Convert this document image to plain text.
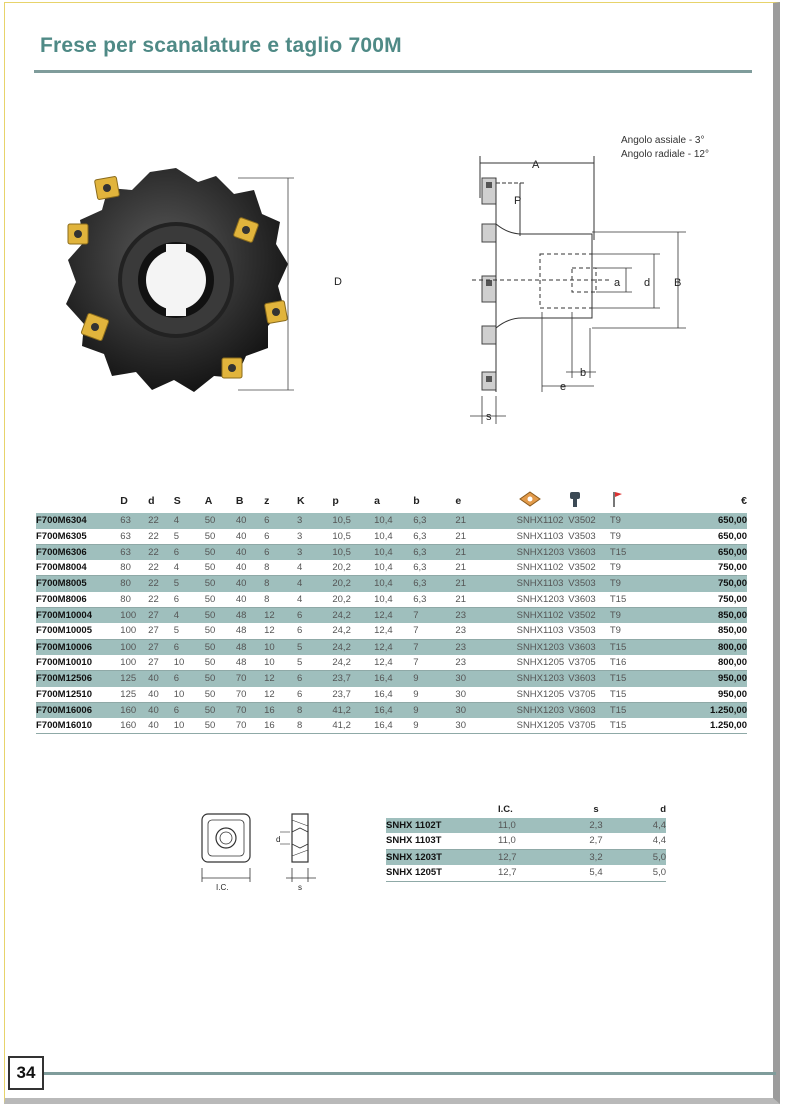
Frese per scanalature e taglio 700M
D
A
P
a d B
b
e
s
Angolo assiale - 3°
Angolo radiale - 12°
	D	d	S	A	B	z	K	p	a	b	e				€
F700M6304	63	22	4	50	40	6	3	10,5	10,4	6,3	21	SNHX1102	V3502	T9	650,00
F700M6305	63	22	5	50	40	6	3	10,5	10,4	6,3	21	SNHX1103	V3503	T9	650,00
F700M6306	63	22	6	50	40	6	3	10,5	10,4	6,3	21	SNHX1203	V3603	T15	650,00
F700M8004	80	22	4	50	40	8	4	20,2	10,4	6,3	21	SNHX1102	V3502	T9	750,00
F700M8005	80	22	5	50	40	8	4	20,2	10,4	6,3	21	SNHX1103	V3503	T9	750,00
F700M8006	80	22	6	50	40	8	4	20,2	10,4	6,3	21	SNHX1203	V3603	T15	750,00
F700M10004	100	27	4	50	48	12	6	24,2	12,4	7	23	SNHX1102	V3502	T9	850,00
F700M10005	100	27	5	50	48	12	6	24,2	12,4	7	23	SNHX1103	V3503	T9	850,00
F700M10006	100	27	6	50	48	10	5	24,2	12,4	7	23	SNHX1203	V3603	T15	800,00
F700M10010	100	27	10	50	48	10	5	24,2	12,4	7	23	SNHX1205	V3705	T16	800,00
F700M12506	125	40	6	50	70	12	6	23,7	16,4	9	30	SNHX1203	V3603	T15	950,00
F700M12510	125	40	10	50	70	12	6	23,7	16,4	9	30	SNHX1205	V3705	T15	950,00
F700M16006	160	40	6	50	70	16	8	41,2	16,4	9	30	SNHX1203	V3603	T15	1.250,00
F700M16010	160	40	10	50	70	16	8	41,2	16,4	9	30	SNHX1205	V3705	T15	1.250,00
I.C.
d
s
	I.C.	s	d
SNHX 1102T	11,0	2,3	4,4
SNHX 1103T	11,0	2,7	4,4
SNHX 1203T	12,7	3,2	5,0
SNHX 1205T	12,7	5,4	5,0
34
